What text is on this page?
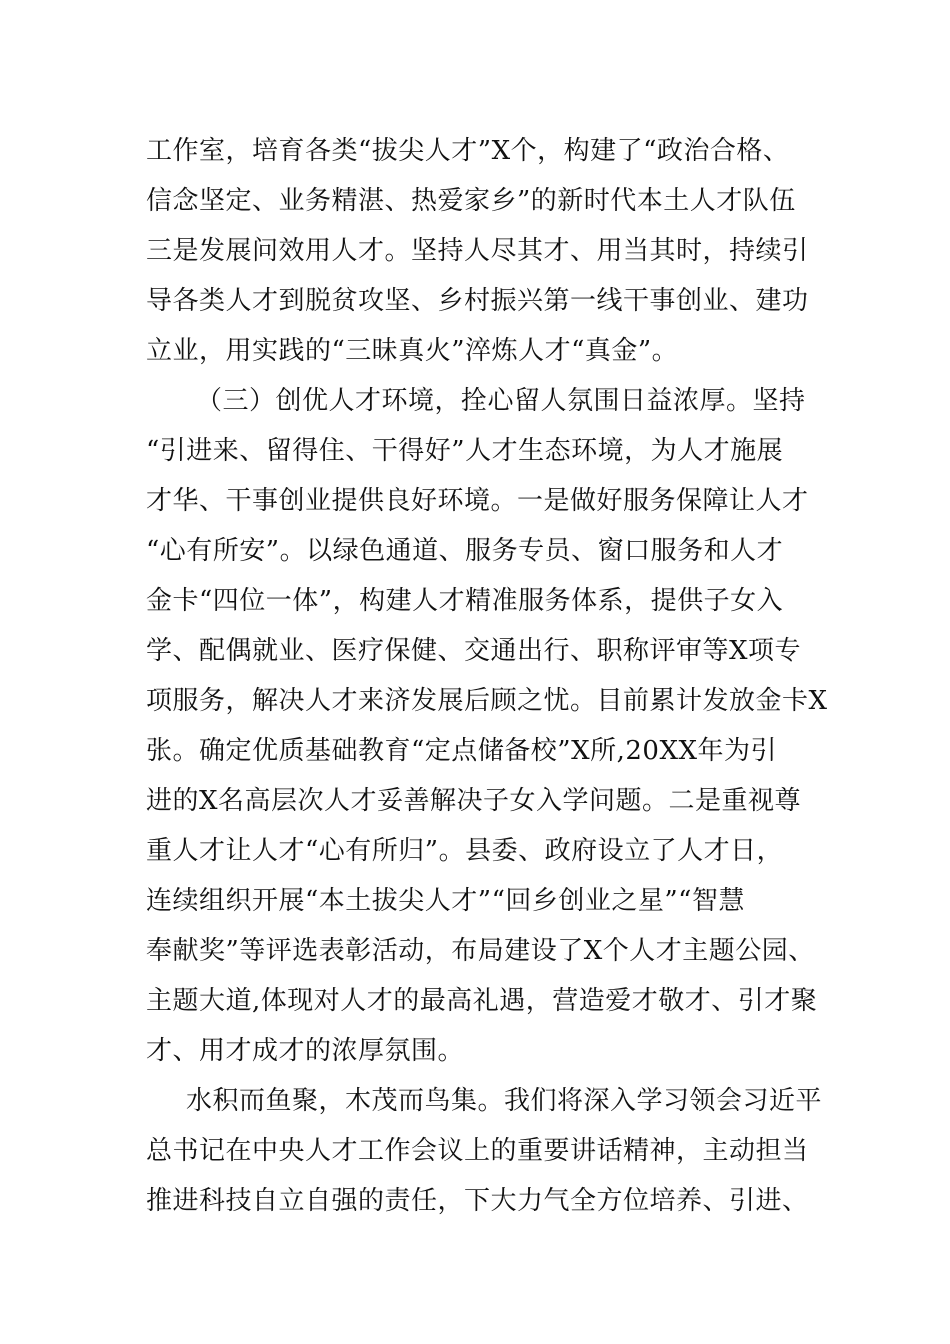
工作室，培育各类“拔尖人才”X个，构建了“政治合格、

信念坚定、业务精湛、热爱家乡”的新时代本土人才队伍

三是发展问效用人才。坚持人尽其才、用当其时，持续引

导各类人才到脱贫攻坚、乡村振兴第一线干事创业、建功

立业，用实践的“三昧真火”淬炼人才“真金”。

（三）创优人才环境，拴心留人氛围日益浓厚。坚持

“引进来、留得住、干得好”人才生态环境，为人才施展

才华、干事创业提供良好环境。一是做好服务保障让人才

“心有所安”。以绿色通道、服务专员、窗口服务和人才

金卡“四位一体”，构建人才精准服务体系，提供子女入

学、配偶就业、医疗保健、交通出行、职称评审等X项专

项服务，解决人才来济发展后顾之忧。目前累计发放金卡X

张。确定优质基础教育“定点储备校”X所,20XX年为引

进的X名高层次人才妥善解决子女入学问题。二是重视尊

重人才让人才“心有所归”。县委、政府设立了人才日，

连续组织开展“本土拔尖人才”“回乡创业之星”“智慧

奉献奖”等评选表彰活动，布局建设了X个人才主题公园、

主题大道,体现对人才的最高礼遇，营造爱才敬才、引才聚

才、用才成才的浓厚氛围。

水积而鱼聚，木茂而鸟集。我们将深入学习领会习近平

总书记在中央人才工作会议上的重要讲话精神，主动担当

推进科技自立自强的责任，下大力气全方位培养、引进、
